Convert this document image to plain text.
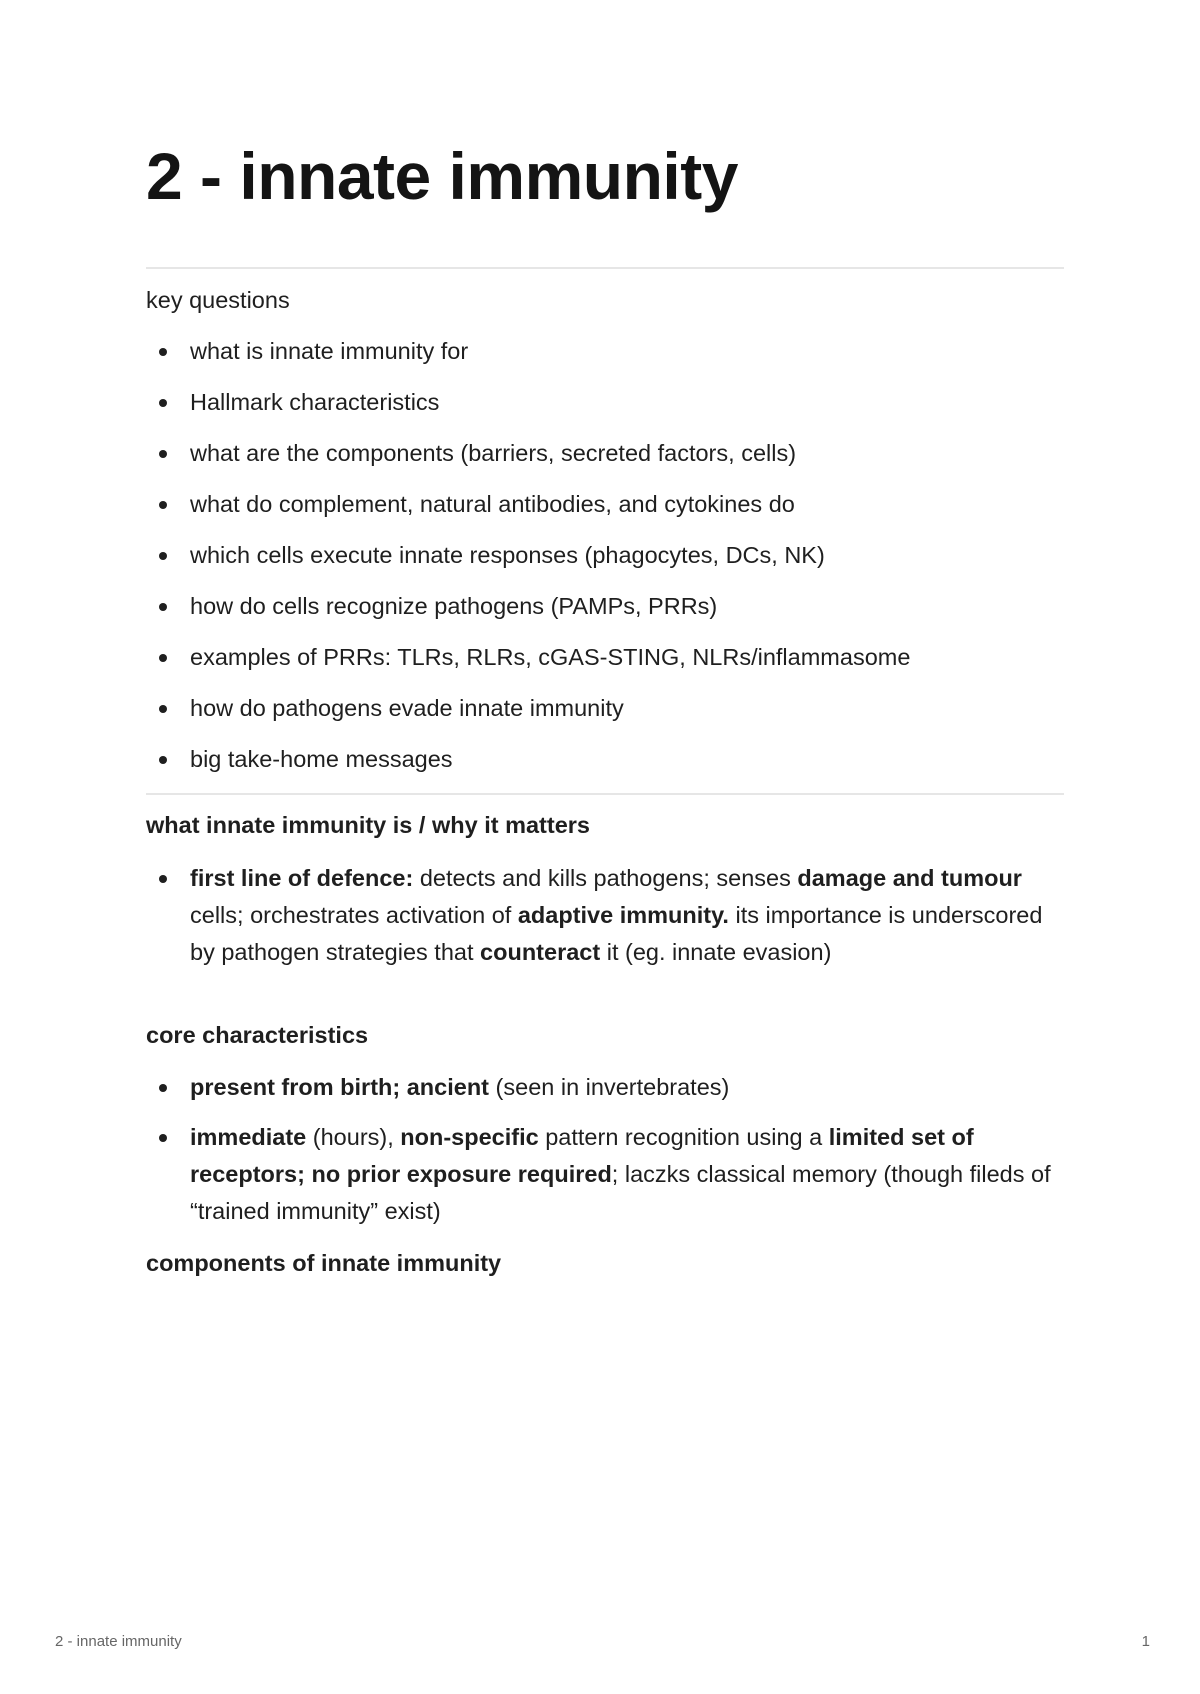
2 - innate immunity

key questions

what is innate immunity for
Hallmark characteristics
what are the components (barriers, secreted factors, cells)
what do complement, natural antibodies, and cytokines do
which cells execute innate responses (phagocytes, DCs, NK)
how do cells recognize pathogens (PAMPs, PRRs)
examples of PRRs: TLRs, RLRs, cGAS-STING, NLRs/inflammasome
how do pathogens evade innate immunity
big take-home messages

what innate immunity is / why it matters

first line of defence: detects and kills pathogens; senses damage and tumour cells; orchestrates activation of adaptive immunity. its importance is underscored by pathogen strategies that counteract it (eg. innate evasion)

core characteristics

present from birth; ancient (seen in invertebrates)
immediate (hours), non-specific pattern recognition using a limited set of receptors; no prior exposure required; laczks classical memory (though fileds of “trained immunity” exist)

components of innate immunity

2 - innate immunity	1
